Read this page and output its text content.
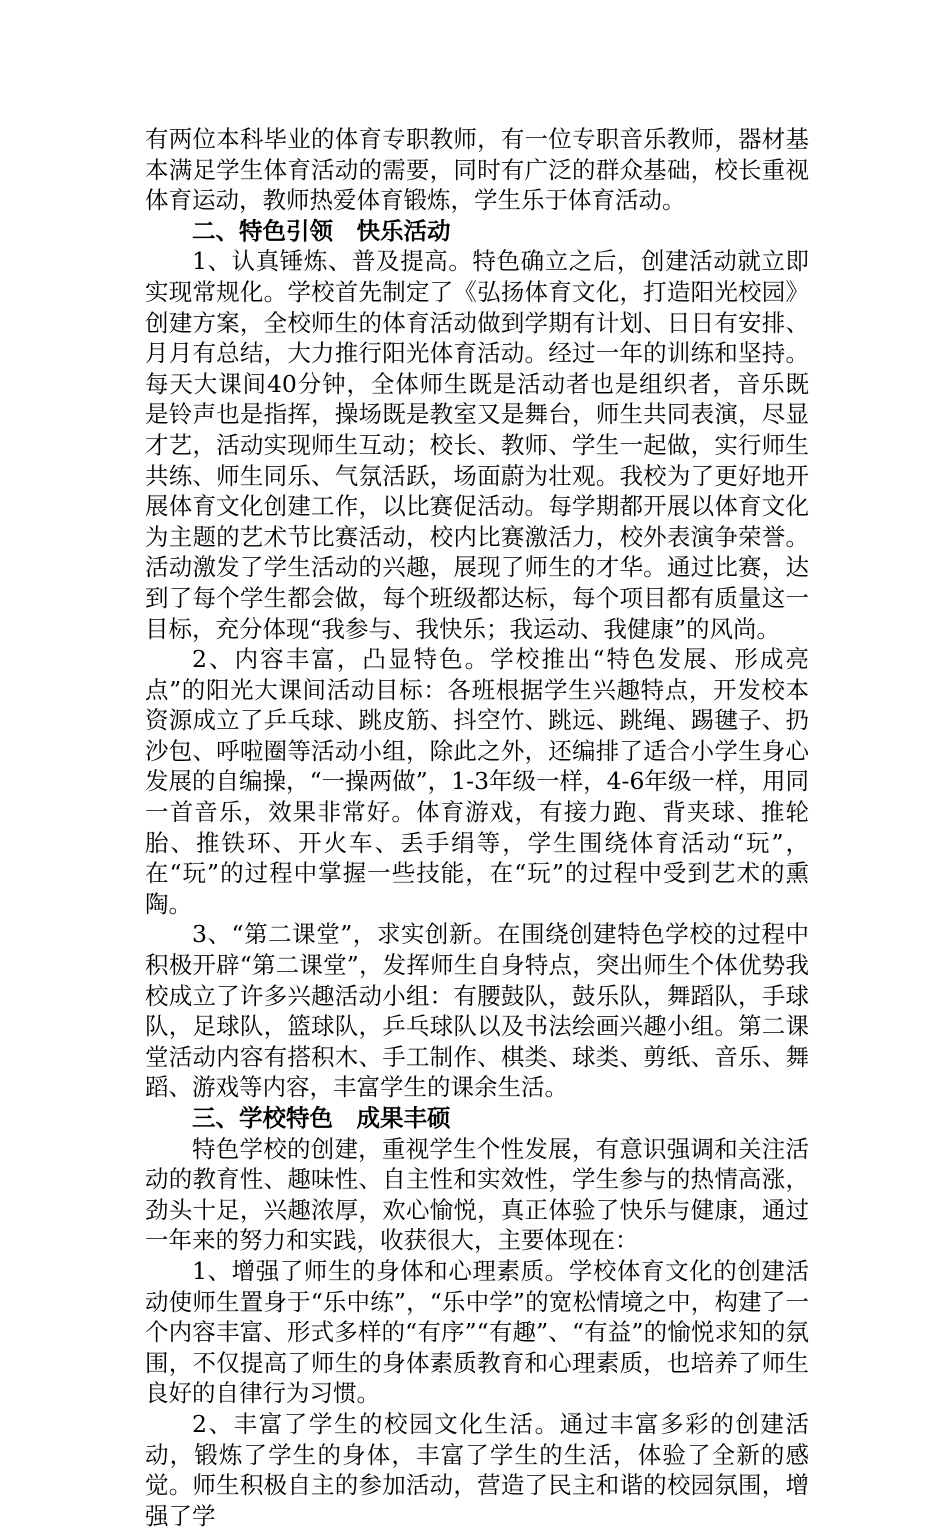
有两位本科毕业的体育专职教师，有一位专职音乐教师，器材基本满足学生体育活动的需要，同时有广泛的群众基础，校长重视体育运动，教师热爱体育锻炼，学生乐于体育活动。

二、特色引领　快乐活动

1、认真锤炼、普及提高。特色确立之后，创建活动就立即实现常规化。学校首先制定了《弘扬体育文化，打造阳光校园》创建方案，全校师生的体育活动做到学期有计划、日日有安排、月月有总结，大力推行阳光体育活动。经过一年的训练和坚持。每天大课间40分钟，全体师生既是活动者也是组织者，音乐既是铃声也是指挥，操场既是教室又是舞台，师生共同表演，尽显才艺，活动实现师生互动；校长、教师、学生一起做，实行师生共练、师生同乐、气氛活跃，场面蔚为壮观。我校为了更好地开展体育文化创建工作，以比赛促活动。每学期都开展以体育文化为主题的艺术节比赛活动，校内比赛激活力，校外表演争荣誉。活动激发了学生活动的兴趣，展现了师生的才华。通过比赛，达到了每个学生都会做，每个班级都达标，每个项目都有质量这一目标，充分体现“我参与、我快乐；我运动、我健康”的风尚。

2、内容丰富，凸显特色。学校推出“特色发展、形成亮点”的阳光大课间活动目标：各班根据学生兴趣特点，开发校本资源成立了乒乓球、跳皮筋、抖空竹、跳远、跳绳、踢毽子、扔沙包、呼啦圈等活动小组，除此之外，还编排了适合小学生身心发展的自编操，“一操两做”，1-3年级一样，4-6年级一样，用同一首音乐，效果非常好。体育游戏，有接力跑、背夹球、推轮胎、推铁环、开火车、丢手绢等，学生围绕体育活动“玩”，在“玩”的过程中掌握一些技能，在“玩”的过程中受到艺术的熏陶。

3、“第二课堂”，求实创新。在围绕创建特色学校的过程中积极开辟“第二课堂”，发挥师生自身特点，突出师生个体优势我校成立了许多兴趣活动小组：有腰鼓队，鼓乐队，舞蹈队，手球队，足球队，篮球队，乒乓球队以及书法绘画兴趣小组。第二课堂活动内容有搭积木、手工制作、棋类、球类、剪纸、音乐、舞蹈、游戏等内容，丰富学生的课余生活。

三、学校特色　成果丰硕

特色学校的创建，重视学生个性发展，有意识强调和关注活动的教育性、趣味性、自主性和实效性，学生参与的热情高涨，劲头十足，兴趣浓厚，欢心愉悦，真正体验了快乐与健康，通过一年来的努力和实践，收获很大，主要体现在：

1、增强了师生的身体和心理素质。学校体育文化的创建活动使师生置身于“乐中练”，“乐中学”的宽松情境之中，构建了一个内容丰富、形式多样的“有序”“有趣”、“有益”的愉悦求知的氛围，不仅提高了师生的身体素质教育和心理素质，也培养了师生良好的自律行为习惯。

2、丰富了学生的校园文化生活。通过丰富多彩的创建活动，锻炼了学生的身体，丰富了学生的生活，体验了全新的感觉。师生积极自主的参加活动，营造了民主和谐的校园氛围，增强了学
